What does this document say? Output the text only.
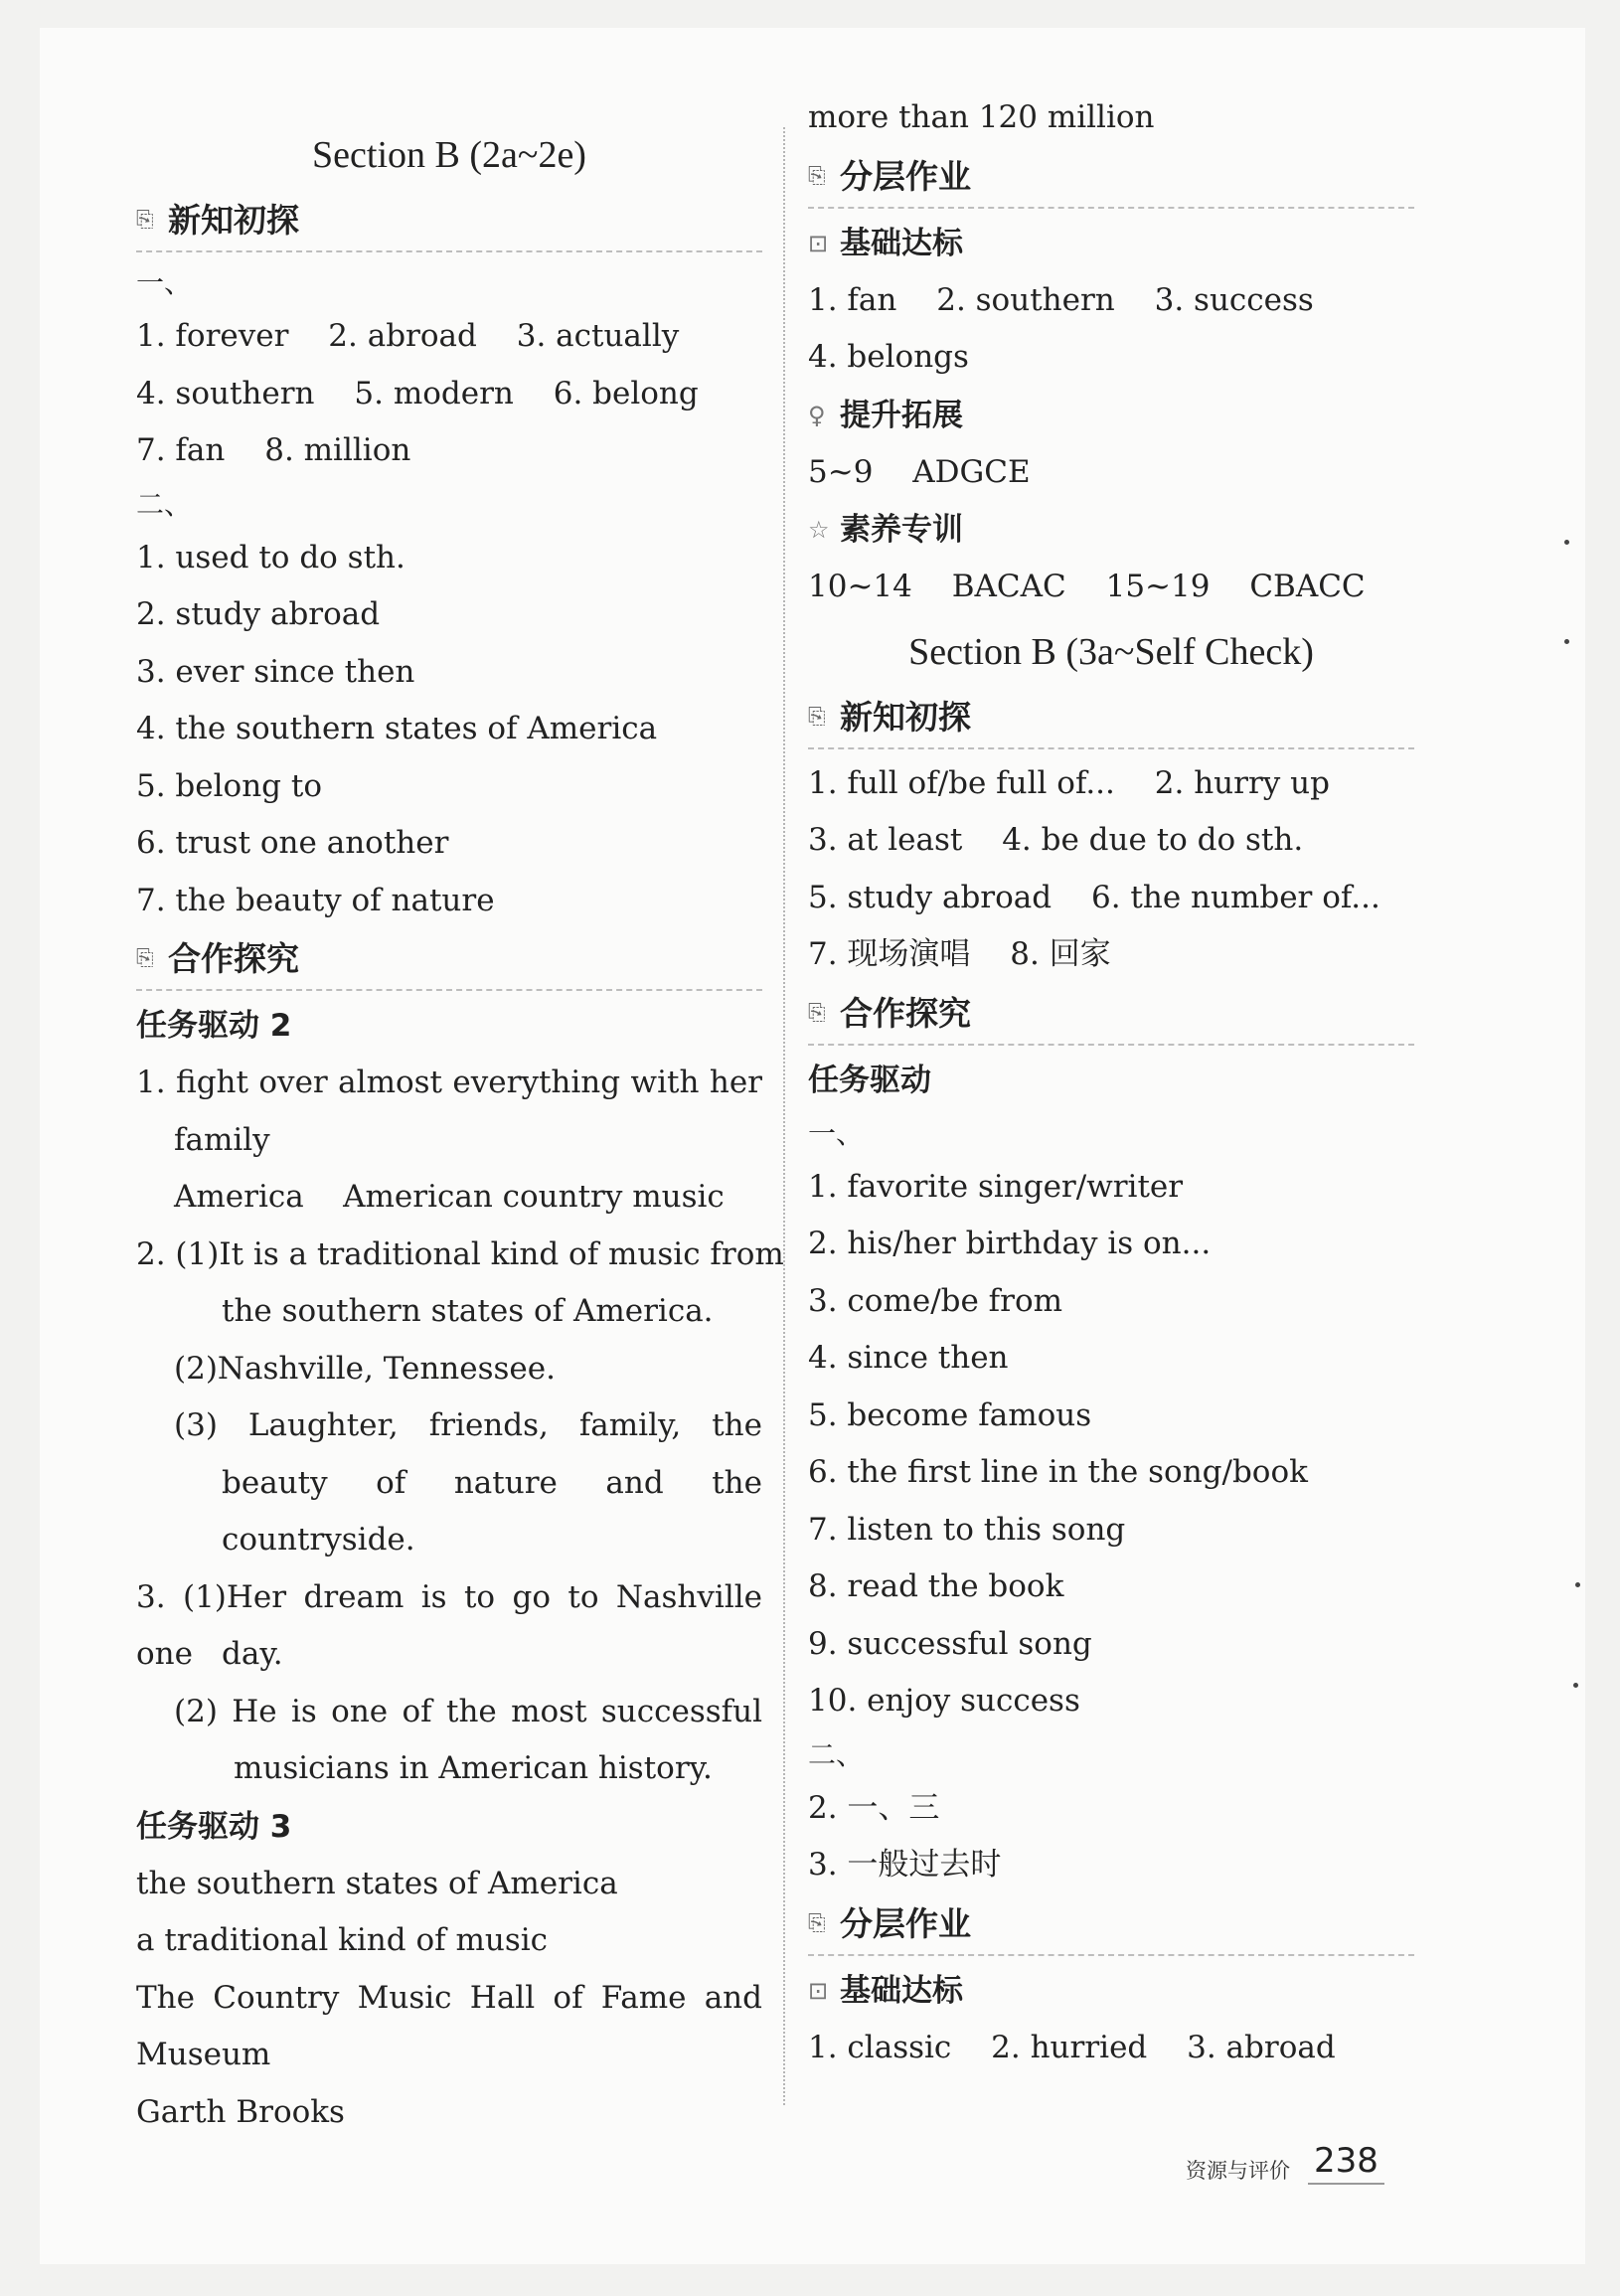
Section B (2a~2e)
⎘ 新知初探
一、
1. forever 2. abroad 3. actually
4. southern 5. modern 6. belong
7. fan 8. million
二、
1. used to do sth.
2. study abroad
3. ever since then
4. the southern states of America
5. belong to
6. trust one another
7. the beauty of nature
⎘ 合作探究
任务驱动 2
1. fight over almost everything with her
family
America    American country music
2. (1)It is a traditional kind of music from
the southern states of America.
(2)Nashville, Tennessee.
(3) Laughter, friends, family, the
beauty of nature and the
countryside.
3. (1)Her dream is to go to Nashville one day.
(2) He is one of the most successful
musicians in American history.
任务驱动 3
the southern states of America
a traditional kind of music
The Country Music Hall of Fame and
Museum
Garth Brooks
more than 120 million
⎘ 分层作业
⊡ 基础达标
1. fan 2. southern 3. success
4. belongs
♀ 提升拓展
5~9 ADGCE
☆ 素养专训
10~14 BACAC 15~19 CBACC
Section B (3a~Self Check)
⎘ 新知初探
1. full of/be full of... 2. hurry up
3. at least 4. be due to do sth.
5. study abroad 6. the number of...
7. 现场演唱 8. 回家
⎘ 合作探究
任务驱动
一、
1. favorite singer/writer
2. his/her birthday is on...
3. come/be from
4. since then
5. become famous
6. the first line in the song/book
7. listen to this song
8. read the book
9. successful song
10. enjoy success
二、
2. 一、三
3. 一般过去时
⎘ 分层作业
⊡ 基础达标
1. classic 2. hurried 3. abroad
资源与评价 238
